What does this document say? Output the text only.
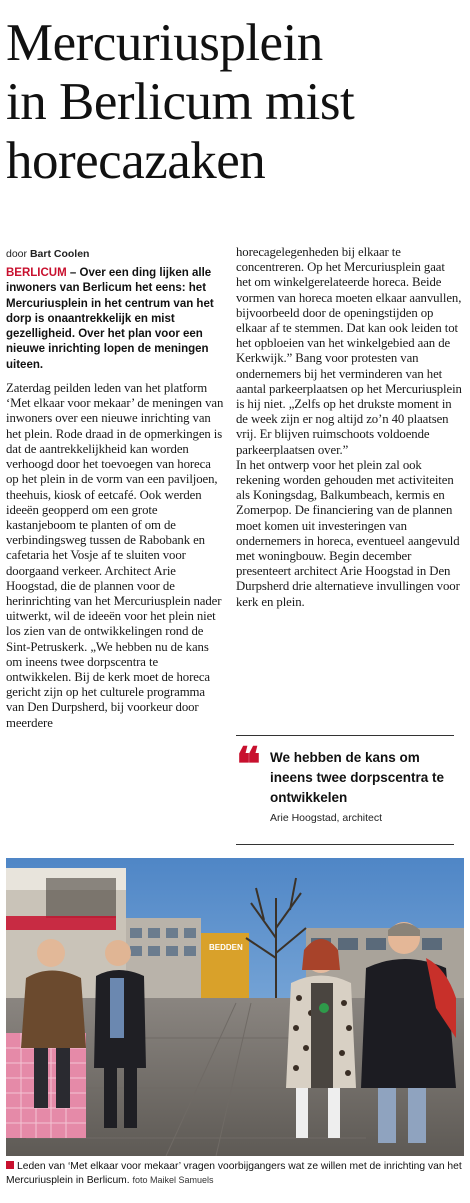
Mercuriusplein
in Berlicum mist
horecazaken
door Bart Coolen

BERLICUM – Over een ding lijken alle inwoners van Berlicum het eens: het Mercuriusplein in het centrum van het dorp is onaantrekkelijk en mist gezelligheid. Over het plan voor een nieuwe inrichting lopen de meningen uiteen.

Zaterdag peilden leden van het platform ‘Met elkaar voor mekaar’ de meningen van inwoners over een nieuwe inrichting van het plein. Rode draad in de opmerkingen is dat de aantrekkelijkheid kan worden verhoogd door het toevoegen van horeca op het plein in de vorm van een paviljoen, theehuis, kiosk of eetcafé. Ook werden ideeën geopperd om een grote kastanjeboom te planten of om de verbindingsweg tussen de Rabobank en cafetaria het Vosje af te sluiten voor doorgaand verkeer. Architect Arie Hoogstad, die de plannen voor de herinrichting van het Mercuriusplein nader uitwerkt, wil de ideeën voor het plein niet los zien van de ontwikkelingen rond de Sint-Petruskerk. „We hebben nu de kans om ineens twee dorpscentra te ontwikkelen. Bij de kerk moet de horeca gericht zijn op het culturele programma van Den Durpsherd, bij voorkeur door meerdere

horecagelegenheden bij elkaar te concentreren. Op het Mercuriusplein gaat het om winkelgerelateerde horeca. Beide vormen van horeca moeten elkaar aanvullen, bijvoorbeeld door de openingstijden op elkaar af te stemmen. Dat kan ook leiden tot het opbloeien van het winkelgebied aan de Kerkwijk.” Bang voor protesten van ondernemers bij het verminderen van het aantal parkeerplaatsen op het Mercuriusplein is hij niet. „Zelfs op het drukste moment in de week zijn er nog altijd zo’n 40 plaatsen vrij. Er blijven ruimschoots voldoende parkeerplaatsen over.”

In het ontwerp voor het plein zal ook rekening worden gehouden met activiteiten als Koningsdag, Balkumbeach, kermis en Zomerpop. De financiering van de plannen moet komen uit investeringen van ondernemers in horeca, eventueel aangevuld met woningbouw. Begin december presenteert architect Arie Hoogstad in Den Durpsherd drie alternatieve invullingen voor kerk en plein.

❝ We hebben de kans om ineens twee dorpscentra te ontwikkelen
Arie Hoogstad, architect
BEDDEN
Leden van ‘Met elkaar voor mekaar’ vragen voorbijgangers wat ze willen met de inrichting van het Mercuriusplein in Berlicum. foto Maikel Samuels
